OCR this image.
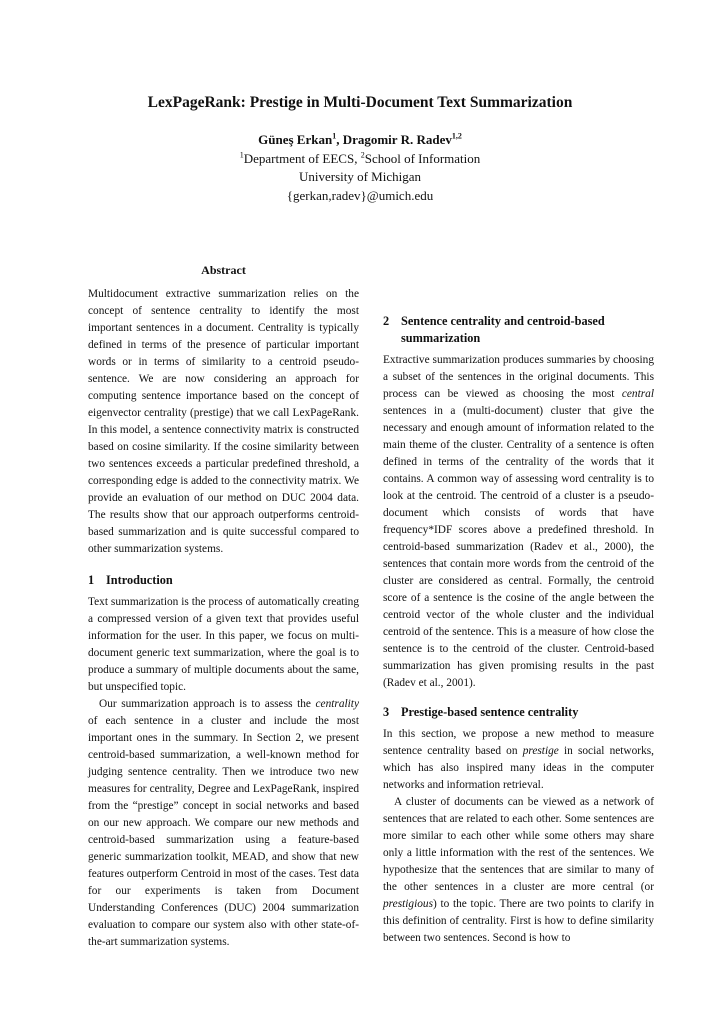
LexPageRank: Prestige in Multi-Document Text Summarization
Güneş Erkan$^1$, Dragomir R. Radev$^{1,2}$
$^1$Department of EECS, $^2$School of Information
University of Michigan
{gerkan,radev}@umich.edu

Abstract

Multidocument extractive summarization relies on the concept of sentence centrality to identify the most important sentences in a document. Centrality is typically defined in terms of the presence of particular important words or in terms of similarity to a centroid pseudo-sentence. We are now considering an approach for computing sentence importance based on the concept of eigenvector centrality (prestige) that we call LexPageRank. In this model, a sentence connectivity matrix is constructed based on cosine similarity. If the cosine similarity between two sentences exceeds a particular predefined threshold, a corresponding edge is added to the connectivity matrix. We provide an evaluation of our method on DUC 2004 data. The results show that our approach outperforms centroid-based summarization and is quite successful compared to other summarization systems.

1 Introduction

Text summarization is the process of automatically creating a compressed version of a given text that provides useful information for the user. In this paper, we focus on multi-document generic text summarization, where the goal is to produce a summary of multiple documents about the same, but unspecified topic.

Our summarization approach is to assess the centrality of each sentence in a cluster and include the most important ones in the summary. In Section 2, we present centroid-based summarization, a well-known method for judging sentence centrality. Then we introduce two new measures for centrality, Degree and LexPageRank, inspired from the “prestige” concept in social networks and based on our new approach. We compare our new methods and centroid-based summarization using a feature-based generic summarization toolkit, MEAD, and show that new features outperform Centroid in most of the cases. Test data for our experiments is taken from Document Understanding Conferences (DUC) 2004 summarization evaluation to compare our system also with other state-of-the-art summarization systems.

2 Sentence centrality and centroid-based summarization

Extractive summarization produces summaries by choosing a subset of the sentences in the original documents. This process can be viewed as choosing the most central sentences in a (multi-document) cluster that give the necessary and enough amount of information related to the main theme of the cluster. Centrality of a sentence is often defined in terms of the centrality of the words that it contains. A common way of assessing word centrality is to look at the centroid. The centroid of a cluster is a pseudo-document which consists of words that have frequency*IDF scores above a predefined threshold. In centroid-based summarization (Radev et al., 2000), the sentences that contain more words from the centroid of the cluster are considered as central. Formally, the centroid score of a sentence is the cosine of the angle between the centroid vector of the whole cluster and the individual centroid of the sentence. This is a measure of how close the sentence is to the centroid of the cluster. Centroid-based summarization has given promising results in the past (Radev et al., 2001).

3 Prestige-based sentence centrality

In this section, we propose a new method to measure sentence centrality based on prestige in social networks, which has also inspired many ideas in the computer networks and information retrieval.

A cluster of documents can be viewed as a network of sentences that are related to each other. Some sentences are more similar to each other while some others may share only a little information with the rest of the sentences. We hypothesize that the sentences that are similar to many of the other sentences in a cluster are more central (or prestigious) to the topic. There are two points to clarify in this definition of centrality. First is how to define similarity between two sentences. Second is how to
